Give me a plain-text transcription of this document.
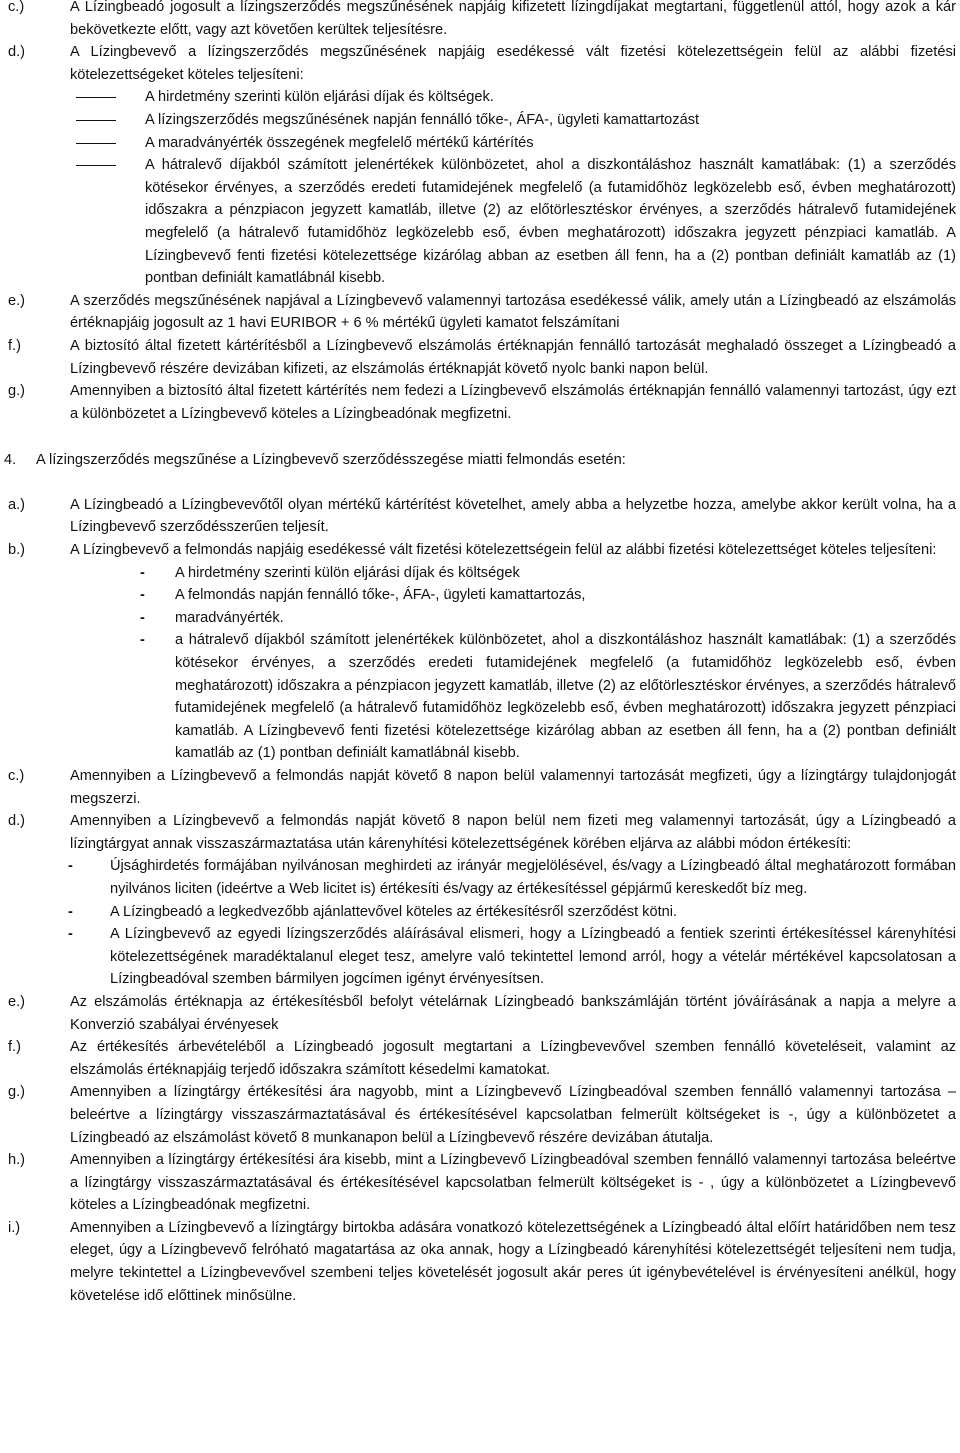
c.)	A Lízingbeadó jogosult a lízingszerződés megszűnésének napjáig kifizetett lízingdíjakat megtartani, függetlenül attól, hogy azok a kár bekövetkezte előtt, vagy azt követően kerültek teljesítésre.
d.)	A Lízingbevevő a lízingszerződés megszűnésének napjáig esedékessé vált fizetési kötelezettségein felül az alábbi fizetési kötelezettségeket köteles teljesíteni:
A hirdetmény szerinti külön eljárási díjak és költségek.
A lízingszerződés megszűnésének napján fennálló tőke-, ÁFA-, ügyleti kamattartozást
A maradványérték összegének megfelelő mértékű kártérítés
A hátralevő díjakból számított jelenértékek különbözetet, ahol a diszkontáláshoz használt kamatlábak: (1) a szerződés kötésekor érvényes, a szerződés eredeti futamidejének megfelelő (a futamidőhöz legközelebb eső, évben meghatározott) időszakra a pénzpiacon jegyzett kamatláb, illetve (2) az előtörlesztéskor érvényes, a szerződés hátralevő futamidejének megfelelő (a hátralevő futamidőhöz legközelebb eső, évben meghatározott) időszakra jegyzett pénzpiaci kamatláb. A Lízingbevevő fenti fizetési kötelezettsége kizárólag abban az esetben áll fenn, ha a (2) pontban definiált kamatláb az (1) pontban definiált kamatlábnál kisebb.
e.)	A szerződés megszűnésének napjával a Lízingbevevő valamennyi tartozása esedékessé válik, amely után a Lízingbeadó az elszámolás értéknapjáig jogosult az 1 havi EURIBOR + 6 % mértékű ügyleti kamatot felszámítani
f.)	A biztosító által fizetett kártérítésből a Lízingbevevő elszámolás értéknapján fennálló tartozását meghaladó összeget a Lízingbeadó a Lízingbevevő részére devizában kifizeti, az elszámolás értéknapját követő nyolc banki napon belül.
g.)	Amennyiben a biztosító által fizetett kártérítés nem fedezi a Lízingbevevő elszámolás értéknapján fennálló valamennyi tartozást, úgy ezt a különbözetet a Lízingbevevő köteles a Lízingbeadónak megfizetni.
4. A lízingszerződés megszűnése a Lízingbevevő szerződésszegése miatti felmondás esetén:
a.)	A Lízingbeadó a Lízingbevevőtől olyan mértékű kártérítést követelhet, amely abba a helyzetbe hozza, amelybe akkor került volna, ha a Lízingbevevő szerződésszerűen teljesít.
b.)	A Lízingbevevő a felmondás napjáig esedékessé vált fizetési kötelezettségein felül az alábbi fizetési kötelezettséget köteles teljesíteni:
- A hirdetmény szerinti külön eljárási díjak és költségek
- A felmondás napján fennálló tőke-, ÁFA-, ügyleti kamattartozás,
- maradványérték.
- a hátralevő díjakból számított jelenértékek különbözetet, ahol a diszkontáláshoz használt kamatlábak: (1) a szerződés kötésekor érvényes, a szerződés eredeti futamidejének megfelelő (a futamidőhöz legközelebb eső, évben meghatározott) időszakra a pénzpiacon jegyzett kamatláb, illetve (2) az előtörlesztéskor érvényes, a szerződés hátralevő futamidejének megfelelő (a hátralevő futamidőhöz legközelebb eső, évben meghatározott) időszakra jegyzett pénzpiaci kamatláb. A Lízingbevevő fenti fizetési kötelezettsége kizárólag abban az esetben áll fenn, ha a (2) pontban definiált kamatláb az (1) pontban definiált kamatlábnál kisebb.
c.)	Amennyiben a Lízingbevevő a felmondás napját követő 8 napon belül valamennyi tartozását megfizeti, úgy a lízingtárgy tulajdonjogát megszerzi.
d.)	Amennyiben a Lízingbevevő a felmondás napját követő 8 napon belül nem fizeti meg valamennyi tartozását, úgy a Lízingbeadó a lízingtárgyat annak visszaszármaztatása után kárenyhítési kötelezettségének körében eljárva az alábbi módon értékesíti:
-	Újsághirdetés formájában nyilvánosan meghirdeti az irányár megjelölésével, és/vagy a Lízingbeadó által meghatározott formában nyilvános liciten (ideértve a Web licitet is) értékesíti és/vagy az értékesítéssel gépjármű kereskedőt bíz meg.
-	A Lízingbeadó a legkedvezőbb ajánlattevővel köteles az értékesítésről szerződést kötni.
-	A Lízingbevevő az egyedi lízingszerződés aláírásával elismeri, hogy a Lízingbeadó a fentiek szerinti értékesítéssel kárenyhítési kötelezettségének maradéktalanul eleget tesz, amelyre való tekintettel lemond arról, hogy a vételár mértékével kapcsolatosan a Lízingbeadóval szemben bármilyen jogcímen igényt érvényesítsen.
e.)	Az elszámolás értéknapja az értékesítésből befolyt vételárnak Lízingbeadó bankszámláján történt jóváírásának a napja a melyre a Konverzió szabályai érvényesek
f.)	Az értékesítés árbevételéből a Lízingbeadó jogosult megtartani a Lízingbevevővel szemben fennálló követeléseit, valamint az elszámolás értéknapjáig terjedő időszakra számított késedelmi kamatokat.
g.)	Amennyiben a lízingtárgy értékesítési ára nagyobb, mint a Lízingbevevő Lízingbeadóval szemben fennálló valamennyi tartozása – beleértve a lízingtárgy visszaszármaztatásával és értékesítésével kapcsolatban felmerült költségeket is -, úgy a különbözetet a Lízingbeadó az elszámolást követő 8 munkanapon belül a Lízingbevevő részére devizában átutalja.
h.)	Amennyiben a lízingtárgy értékesítési ára kisebb, mint a Lízingbevevő Lízingbeadóval szemben fennálló valamennyi tartozása beleértve a lízingtárgy visszaszármaztatásával és értékesítésével kapcsolatban felmerült költségeket is - , úgy a különbözetet a Lízingbevevő köteles a Lízingbeadónak megfizetni.
i.)	Amennyiben a Lízingbevevő a lízingtárgy birtokba adására vonatkozó kötelezettségének a Lízingbeadó által előírt határidőben nem tesz eleget, úgy a Lízingbevevő felróható magatartása az oka annak, hogy a Lízingbeadó kárenyhítési kötelezettségét teljesíteni nem tudja, melyre tekintettel a Lízingbevevővel szembeni teljes követelését jogosult akár peres út igénybevételével is érvényesíteni anélkül, hogy követelése idő előttinek minősülne.
